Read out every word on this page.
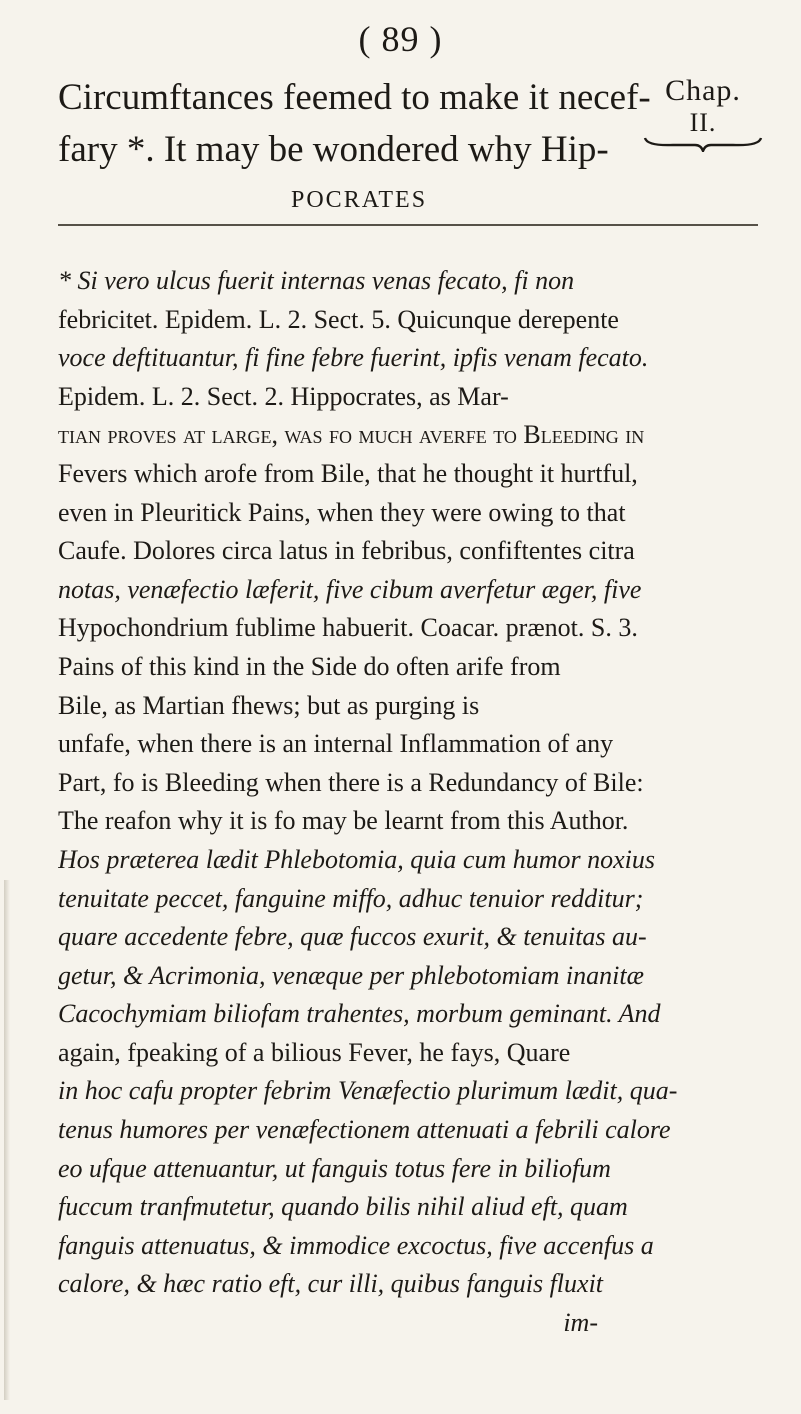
( 89 )
Circumftances feemed to make it necef-
fary *. It may be wondered why Hip-
POCRATES
Chap.
II.
* Si vero ulcus fuerit internas venas fecato, fi non
febricitet. Epidem. L. 2. Sect. 5. Quicunque derepente
voce deftituantur, fi fine febre fuerint, ipfis venam fecato.
Epidem. L. 2. Sect. 2. Hippocrates, as Mar-
tian proves at large, was fo much averfe to Bleeding in
Fevers which arofe from Bile, that he thought it hurtful,
even in Pleuritick Pains, when they were owing to that
Caufe. Dolores circa latus in febribus, confiftentes citra
notas, venæfectio læferit, five cibum averfetur æger, five
Hypochondrium fublime habuerit. Coacar. prænot. S. 3.
Pains of this kind in the Side do often arife from
Bile, as Martian fhews; but as purging is
unfafe, when there is an internal Inflammation of any
Part, fo is Bleeding when there is a Redundancy of Bile:
The reafon why it is fo may be learnt from this Author.
Hos præterea lædit Phlebotomia, quia cum humor noxius
tenuitate peccet, fanguine miffo, adhuc tenuior redditur;
quare accedente febre, quæ fuccos exurit, & tenuitas au-
getur, & Acrimonia, venæque per phlebotomiam inanitæ
Cacochymiam biliofam trahentes, morbum geminant. And
again, fpeaking of a bilious Fever, he fays, Quare
in hoc cafu propter febrim Venæfectio plurimum lædit, qua-
tenus humores per venæfectionem attenuati a febrili calore
eo ufque attenuantur, ut fanguis totus fere in biliofum
fuccum tranfmutetur, quando bilis nihil aliud eft, quam
fanguis attenuatus, & immodice excoctus, five accenfus a
calore, & hæc ratio eft, cur illi, quibus fanguis fluxit
im-
